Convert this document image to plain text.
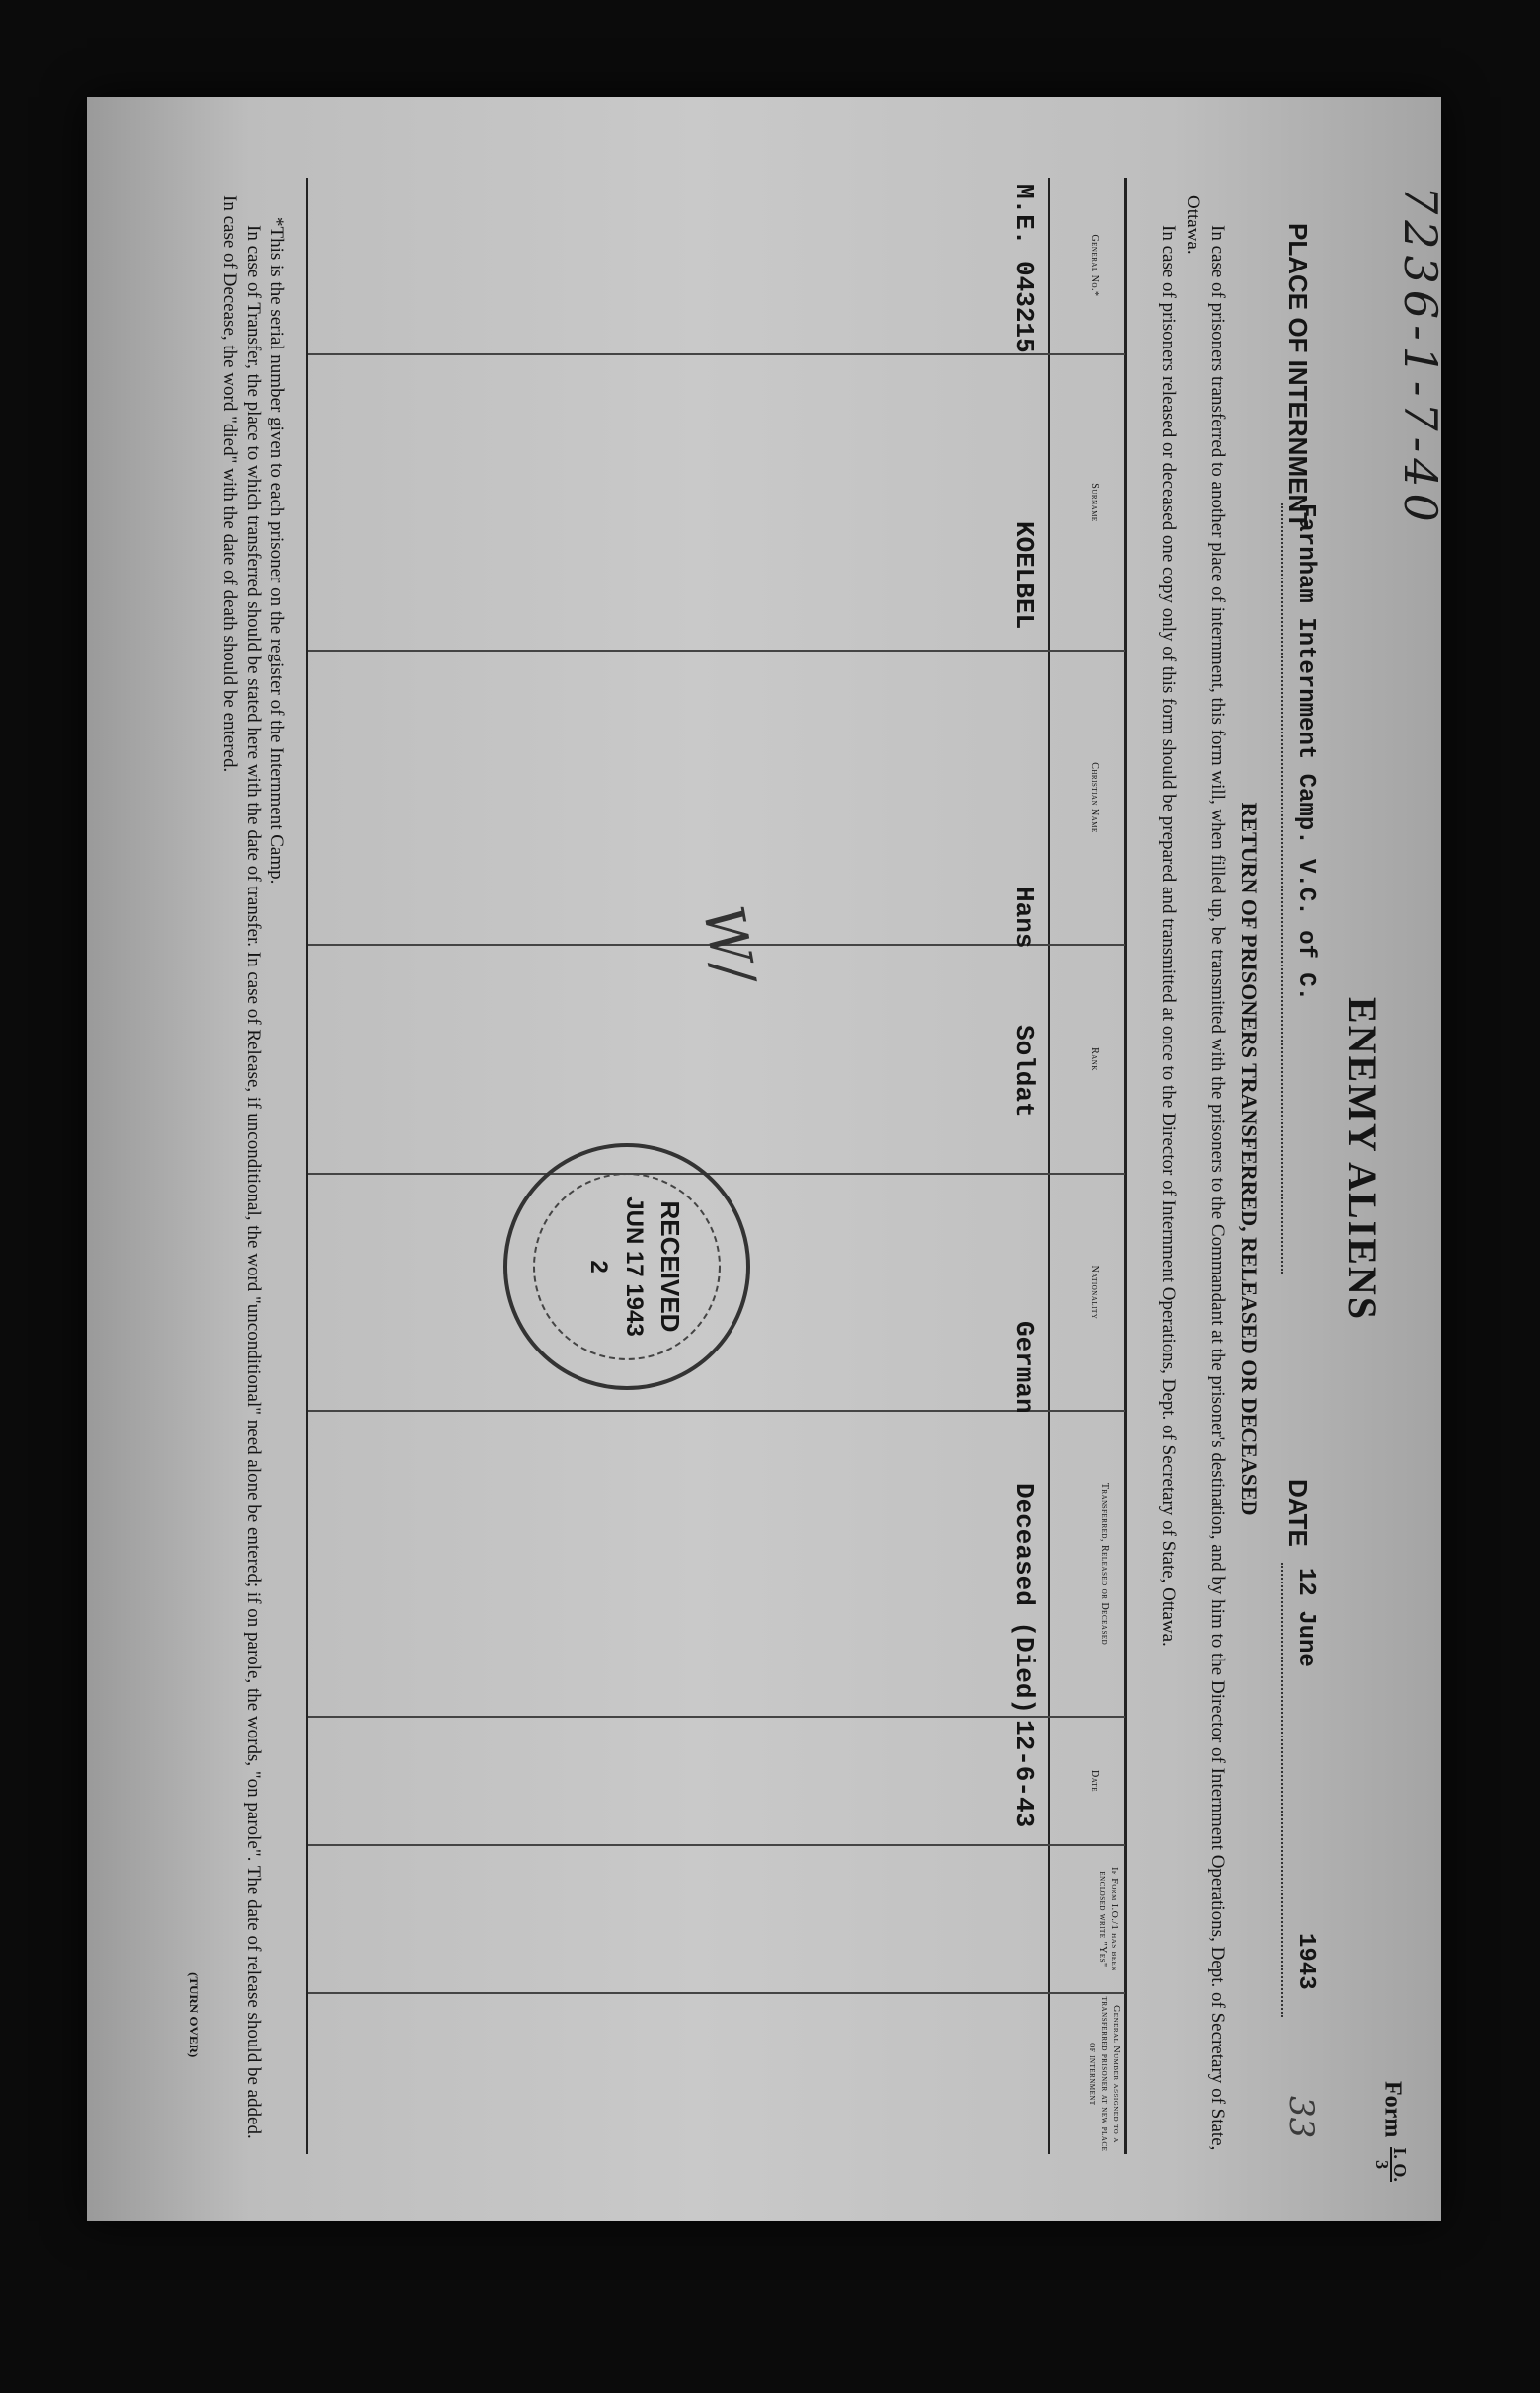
7236-1-7-40
ENEMY ALIENS
Form
I. O.
3
33
PLACE OF INTERNMENT
Farnham Internment Camp. V.C. of C.
DATE
12 June
1943
RETURN OF PRISONERS TRANSFERRED, RELEASED OR DECEASED
In case of prisoners transferred to another place of internment, this form will, when filled up, be transmitted with the prisoners to the Commandant at the prisoner's destination, and by him to the Director of Internment Operations, Dept. of Secretary of State, Ottawa.
In case of prisoners released or deceased one copy only of this form should be prepared and transmitted at once to the Director of Internment Operations, Dept. of Secretary of State, Ottawa.
General No.*
Surname
Christian Name
Rank
Nationality
Transferred, Released or Deceased
Date
If Form I.O./1 has been enclosed write "Yes"
General Number assigned to a transferred prisoner at new place of internment
M.E. 043215
KOELBEL
Hans
Soldat
German
Deceased (Died)
12-6-43
W/
RECEIVED
JUN 17 1943
2
*This is the serial number given to each prisoner on the register of the Internment Camp.
In case of Transfer, the place to which transferred should be stated here with the date of transfer. In case of Release, if unconditional, the word "unconditional" need alone be entered; if on parole, the words, "on parole". The date of release should be added. In case of Decease, the word "died" with the date of death should be entered.
(TURN OVER)
